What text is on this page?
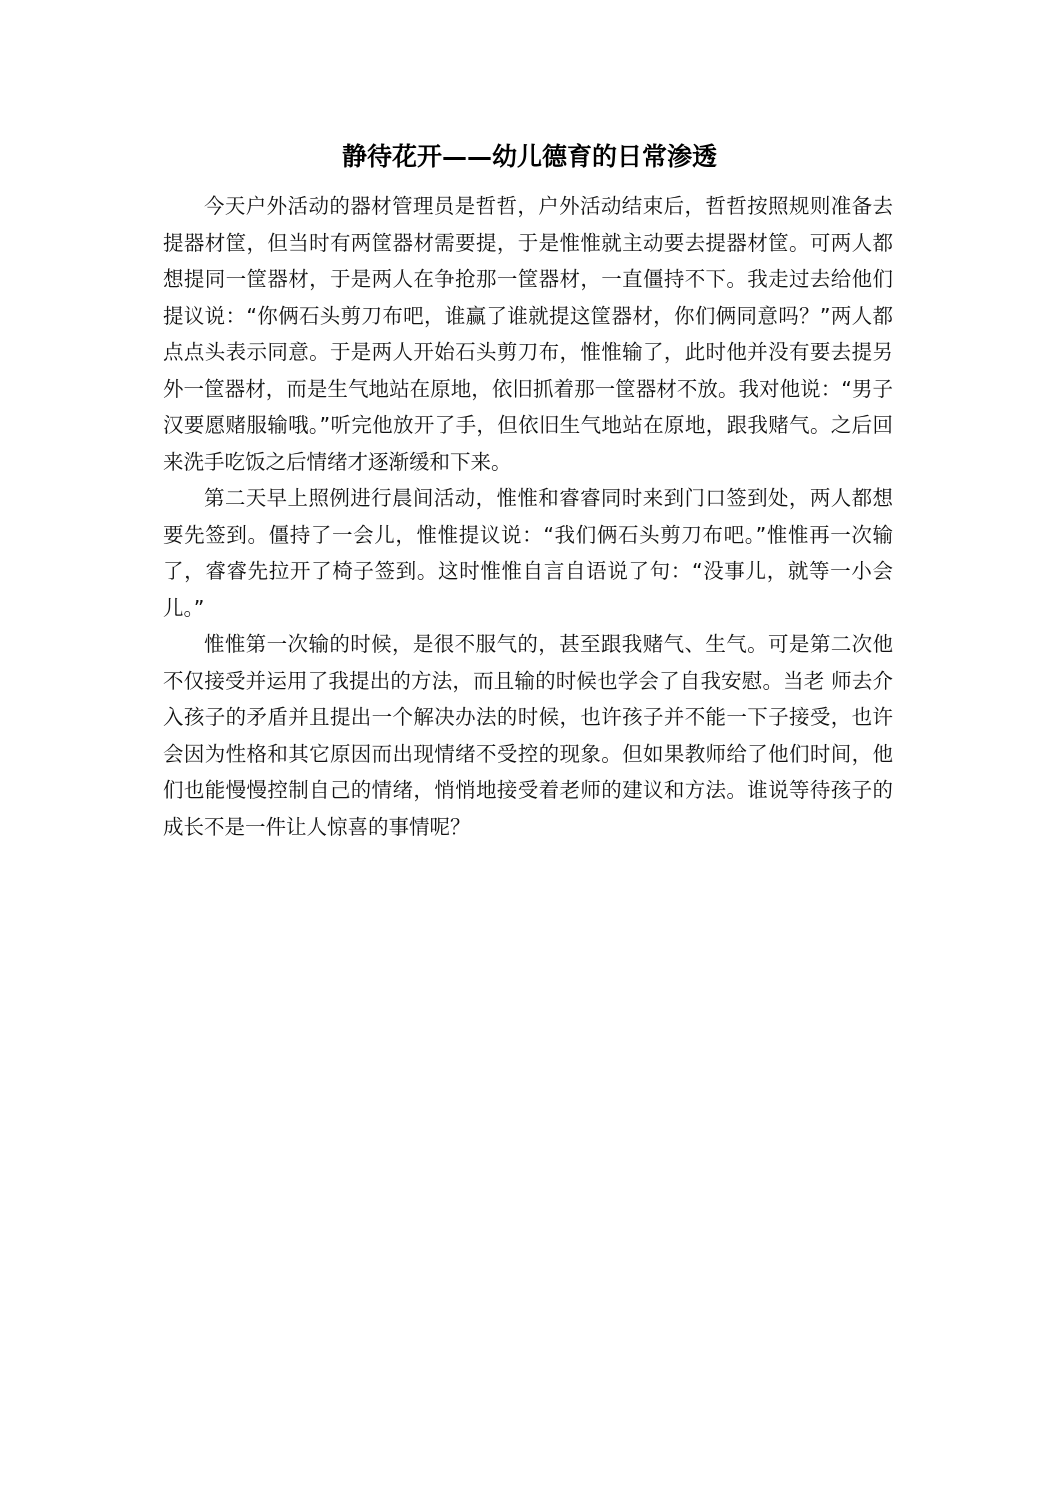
静待花开——幼儿德育的日常渗透

今天户外活动的器材管理员是哲哲，户外活动结束后，哲哲按照规则准备去提器材筐，但当时有两筐器材需要提，于是惟惟就主动要去提器材筐。可两人都想提同一筐器材，于是两人在争抢那一筐器材，一直僵持不下。我走过去给他们提议说：“你俩石头剪刀布吧，谁赢了谁就提这筐器材，你们俩同意吗？”两人都点点头表示同意。于是两人开始石头剪刀布，惟惟输了，此时他并没有要去提另外一筐器材，而是生气地站在原地，依旧抓着那一筐器材不放。我对他说：“男子汉要愿赌服输哦。”听完他放开了手，但依旧生气地站在原地，跟我赌气。之后回来洗手吃饭之后情绪才逐渐缓和下来。

第二天早上照例进行晨间活动，惟惟和睿睿同时来到门口签到处，两人都想要先签到。僵持了一会儿，惟惟提议说：“我们俩石头剪刀布吧。”惟惟再一次输了，睿睿先拉开了椅子签到。这时惟惟自言自语说了句：“没事儿，就等一小会儿。”

惟惟第一次输的时候，是很不服气的，甚至跟我赌气、生气。可是第二次他不仅接受并运用了我提出的方法，而且输的时候也学会了自我安慰。当老 师去介入孩子的矛盾并且提出一个解决办法的时候，也许孩子并不能一下子接受，也许会因为性格和其它原因而出现情绪不受控的现象。但如果教师给了他们时间，他们也能慢慢控制自己的情绪，悄悄地接受着老师的建议和方法。谁说等待孩子的成长不是一件让人惊喜的事情呢？
